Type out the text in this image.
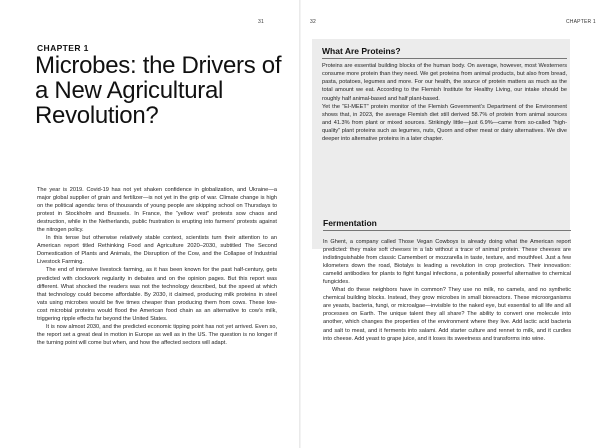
31
CHAPTER 1
Microbes: the Drivers of a New Agricultural Revolution?

The year is 2019. Covid-19 has not yet shaken confidence in globalization, and Ukraine—a major global supplier of grain and fertilizer—is not yet in the grip of war. Climate change is high on the political agenda: tens of thousands of young people are skipping school on Thursdays to protest in Stockholm and Brussels. In France, the “yellow vest” protests sow chaos and destruction, while in the Netherlands, public frustration is erupting into farmers’ protests against the nitrogen policy.

In this tense but otherwise relatively stable context, scientists turn their attention to an American report titled Rethinking Food and Agriculture 2020–2030, subtitled The Second Domestication of Plants and Animals, the Disruption of the Cow, and the Collapse of Industrial Livestock Farming.

The end of intensive livestock farming, as it has been known for the past half-century, gets predicted with clockwork regularity in debates and on the opinion pages. But this report was different. What shocked the readers was not the technology described, but the speed at which that technology could become affordable. By 2030, it claimed, producing milk proteins in steel vats using microbes would be five times cheaper than producing them from cows. These low-cost microbial proteins would flood the American food chain as an alternative to cow’s milk, triggering ripple effects far beyond the United States.

It is now almost 2030, and the predicted economic tipping point has not yet arrived. Even so, the report set a great deal in motion in Europe as well as in the US. The question is no longer if the turning point will come but when, and how the affected sectors will adapt.

32	CHAPTER 1
What Are Proteins?

Proteins are essential building blocks of the human body. On average, however, most Westerners consume more protein than they need. We get proteins from animal products, but also from bread, pasta, potatoes, legumes and more. For our health, the source of protein matters as much as the total amount we eat. According to the Flemish Institute for Healthy Living, our intake should be roughly half animal-based and half plant-based.

Yet the “EI-MEET” protein monitor of the Flemish Government’s Department of the Environment shows that, in 2023, the average Flemish diet still derived 58.7% of protein from animal sources and 41.3% from plant or mixed sources. Strikingly little—just 6.9%—came from so-called “high-quality” plant proteins such as legumes, nuts, Quorn and other meat or dairy alternatives. We dive deeper into alternative proteins in a later chapter.

Fermentation

In Ghent, a company called Those Vegan Cowboys is already doing what the American report predicted: they make soft cheeses in a lab without a trace of animal protein. These cheeses are indistinguishable from classic Camembert or mozzarella in taste, texture, and mouthfeel. Just a few kilometers down the road, Biotalys is leading a revolution in crop protection. Their innovation: camelid antibodies for plants to fight fungal infections, a potentially powerful alternative to chemical fungicides.

What do these neighbors have in common? They use no milk, no camels, and no synthetic chemical building blocks. Instead, they grow microbes in small bioreactors. These microorganisms are yeasts, bacteria, fungi, or microalgae—invisible to the naked eye, but essential to all life and all processes on Earth. The unique talent they all share? The ability to convert one molecule into another, which changes the properties of the environment where they live. Add lactic acid bacteria and salt to meat, and it ferments into salami. Add starter culture and rennet to milk, and it curdles into cheese. Add yeast to grape juice, and it loses its sweetness and transforms into wine.
